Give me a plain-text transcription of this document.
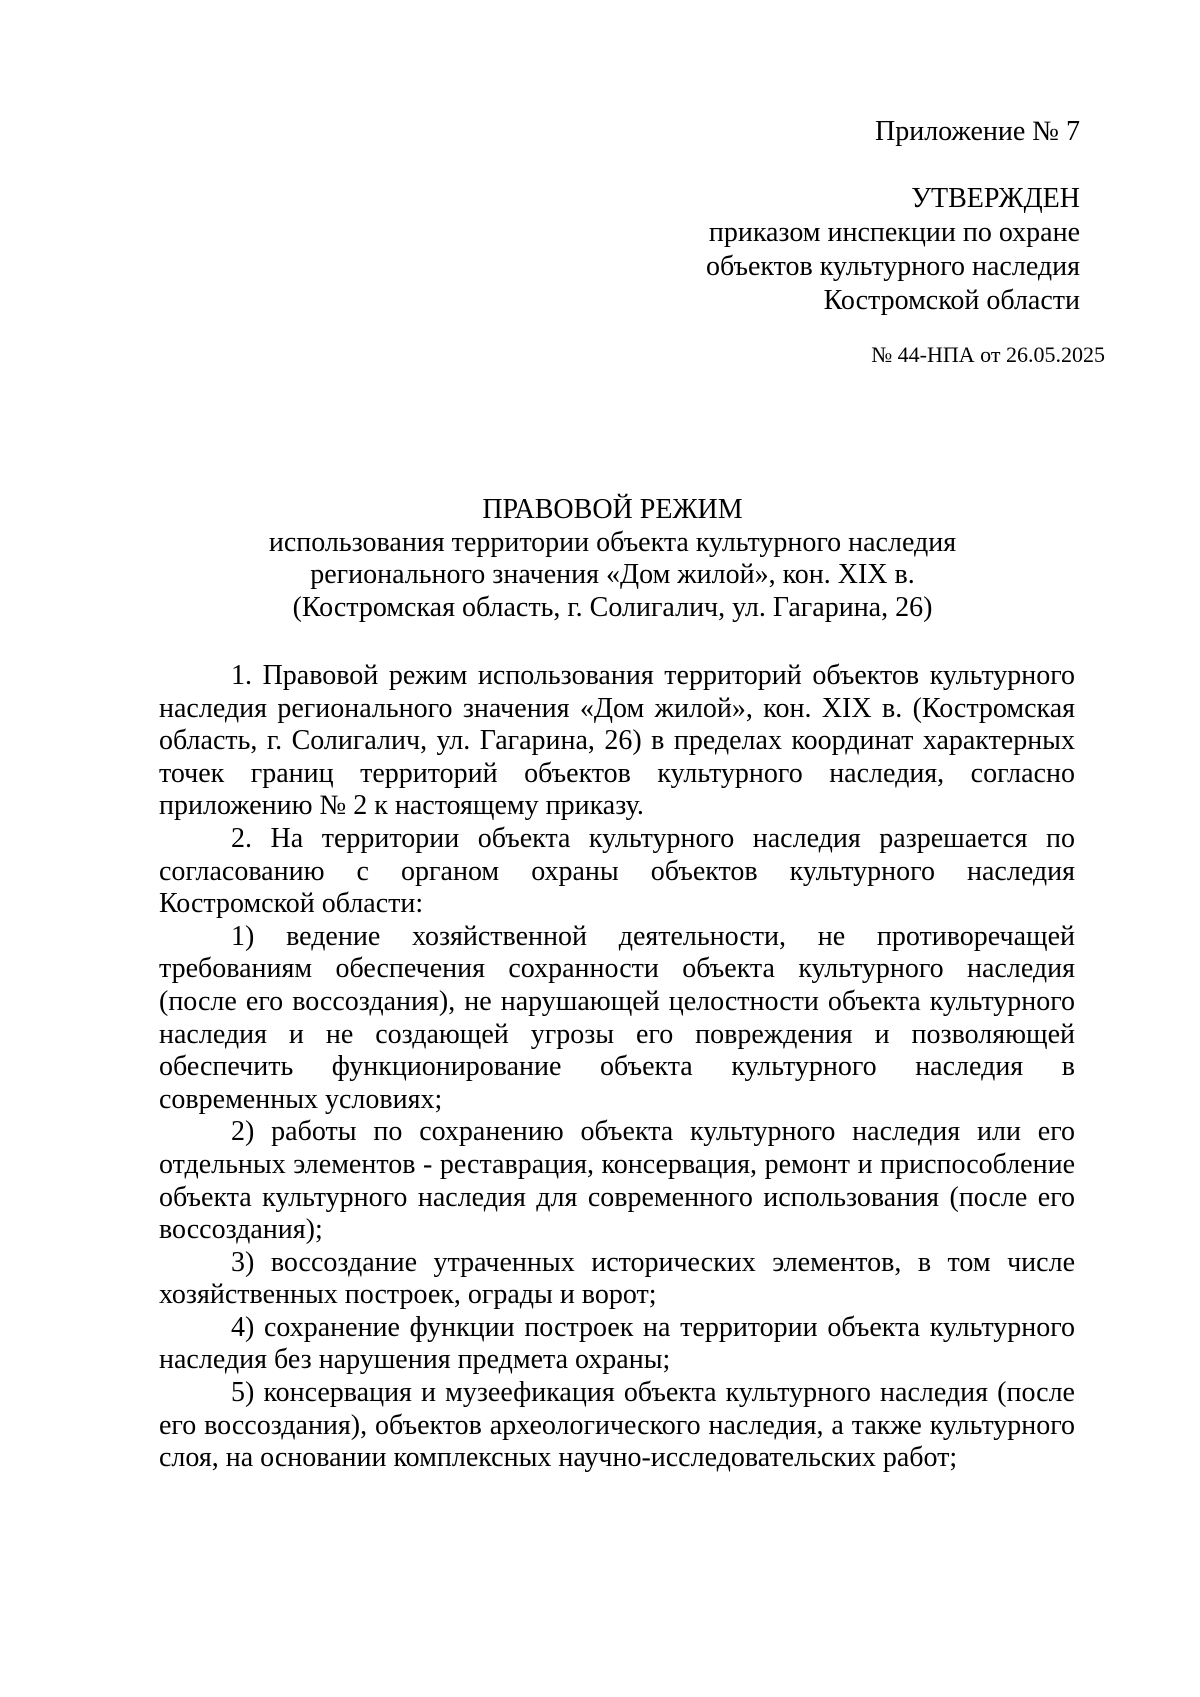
Приложение № 7
УТВЕРЖДЕН
приказом инспекции по охране
объектов культурного наследия
Костромской области
№ 44-НПА от 26.05.2025
ПРАВОВОЙ РЕЖИМ
использования территории объекта культурного наследия
регионального значения «Дом жилой», кон. XIX в.
(Костромская область, г. Солигалич, ул. Гагарина, 26)

1. Правовой режим использования территорий объектов культурного наследия регионального значения «Дом жилой», кон. XIX в. (Костромская область, г. Солигалич, ул. Гагарина, 26) в пределах координат характерных точек границ территорий объектов культурного наследия, согласно приложению № 2 к настоящему приказу.

2. На территории объекта культурного наследия разрешается по согласованию с органом охраны объектов культурного наследия Костромской области:

1) ведение хозяйственной деятельности, не противоречащей требованиям обеспечения сохранности объекта культурного наследия (после его воссоздания), не нарушающей целостности объекта культурного наследия и не создающей угрозы его повреждения и позволяющей обеспечить функционирование объекта культурного наследия в современных условиях;

2) работы по сохранению объекта культурного наследия или его отдельных элементов - реставрация, консервация, ремонт и приспособление объекта культурного наследия для современного использования (после его воссоздания);

3) воссоздание утраченных исторических элементов, в том числе хозяйственных построек, ограды и ворот;

4) сохранение функции построек на территории объекта культурного наследия без нарушения предмета охраны;

5) консервация и музеефикация объекта культурного наследия (после его воссоздания), объектов археологического наследия, а также культурного слоя, на основании комплексных научно-исследовательских работ;
